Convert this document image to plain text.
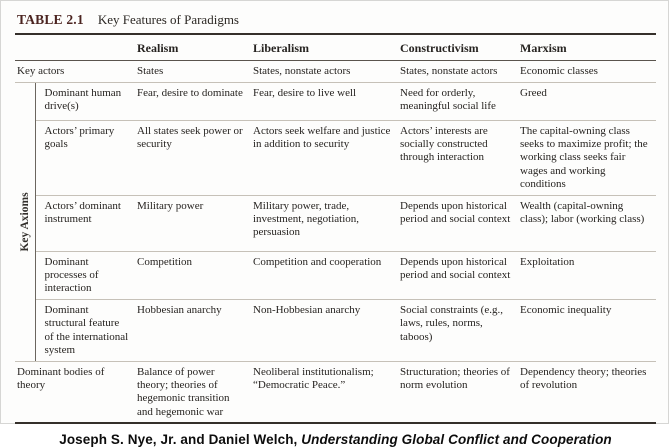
TABLE 2.1 Key Features of Paradigms
		Realism	Liberalism	Constructivism	Marxism
Key actors		States	States, nonstate actors	States, nonstate actors	Economic classes

Key Axioms	Dominant human drive(s)	Fear, desire to dominate	Fear, desire to live well	Need for orderly, meaningful social life	Greed
	Actors’ primary goals	All states seek power or security	Actors seek welfare and justice in addition to security	Actors’ interests are socially constructed through interaction	The capital-owning class seeks to maximize profit; the working class seeks fair wages and working conditions
	Actors’ dominant instrument	Military power	Military power, trade, investment, negotiation, persuasion	Depends upon historical period and social context	Wealth (capital-owning class); labor (working class)
	Dominant processes of interaction	Competition	Competition and cooperation	Depends upon historical period and social context	Exploitation
	Dominant structural feature of the international system	Hobbesian anarchy	Non-Hobbesian anarchy	Social constraints (e.g., laws, rules, norms, taboos)	Economic inequality
Dominant bodies of theory		Balance of power theory; theories of hegemonic transition and hegemonic war	Neoliberal institutionalism; “Democratic Peace.”	Structuration; theories of norm evolution	Dependency theory; theories of revolution
Joseph S. Nye, Jr. and Daniel Welch, Understanding Global Conflict and Cooperation
